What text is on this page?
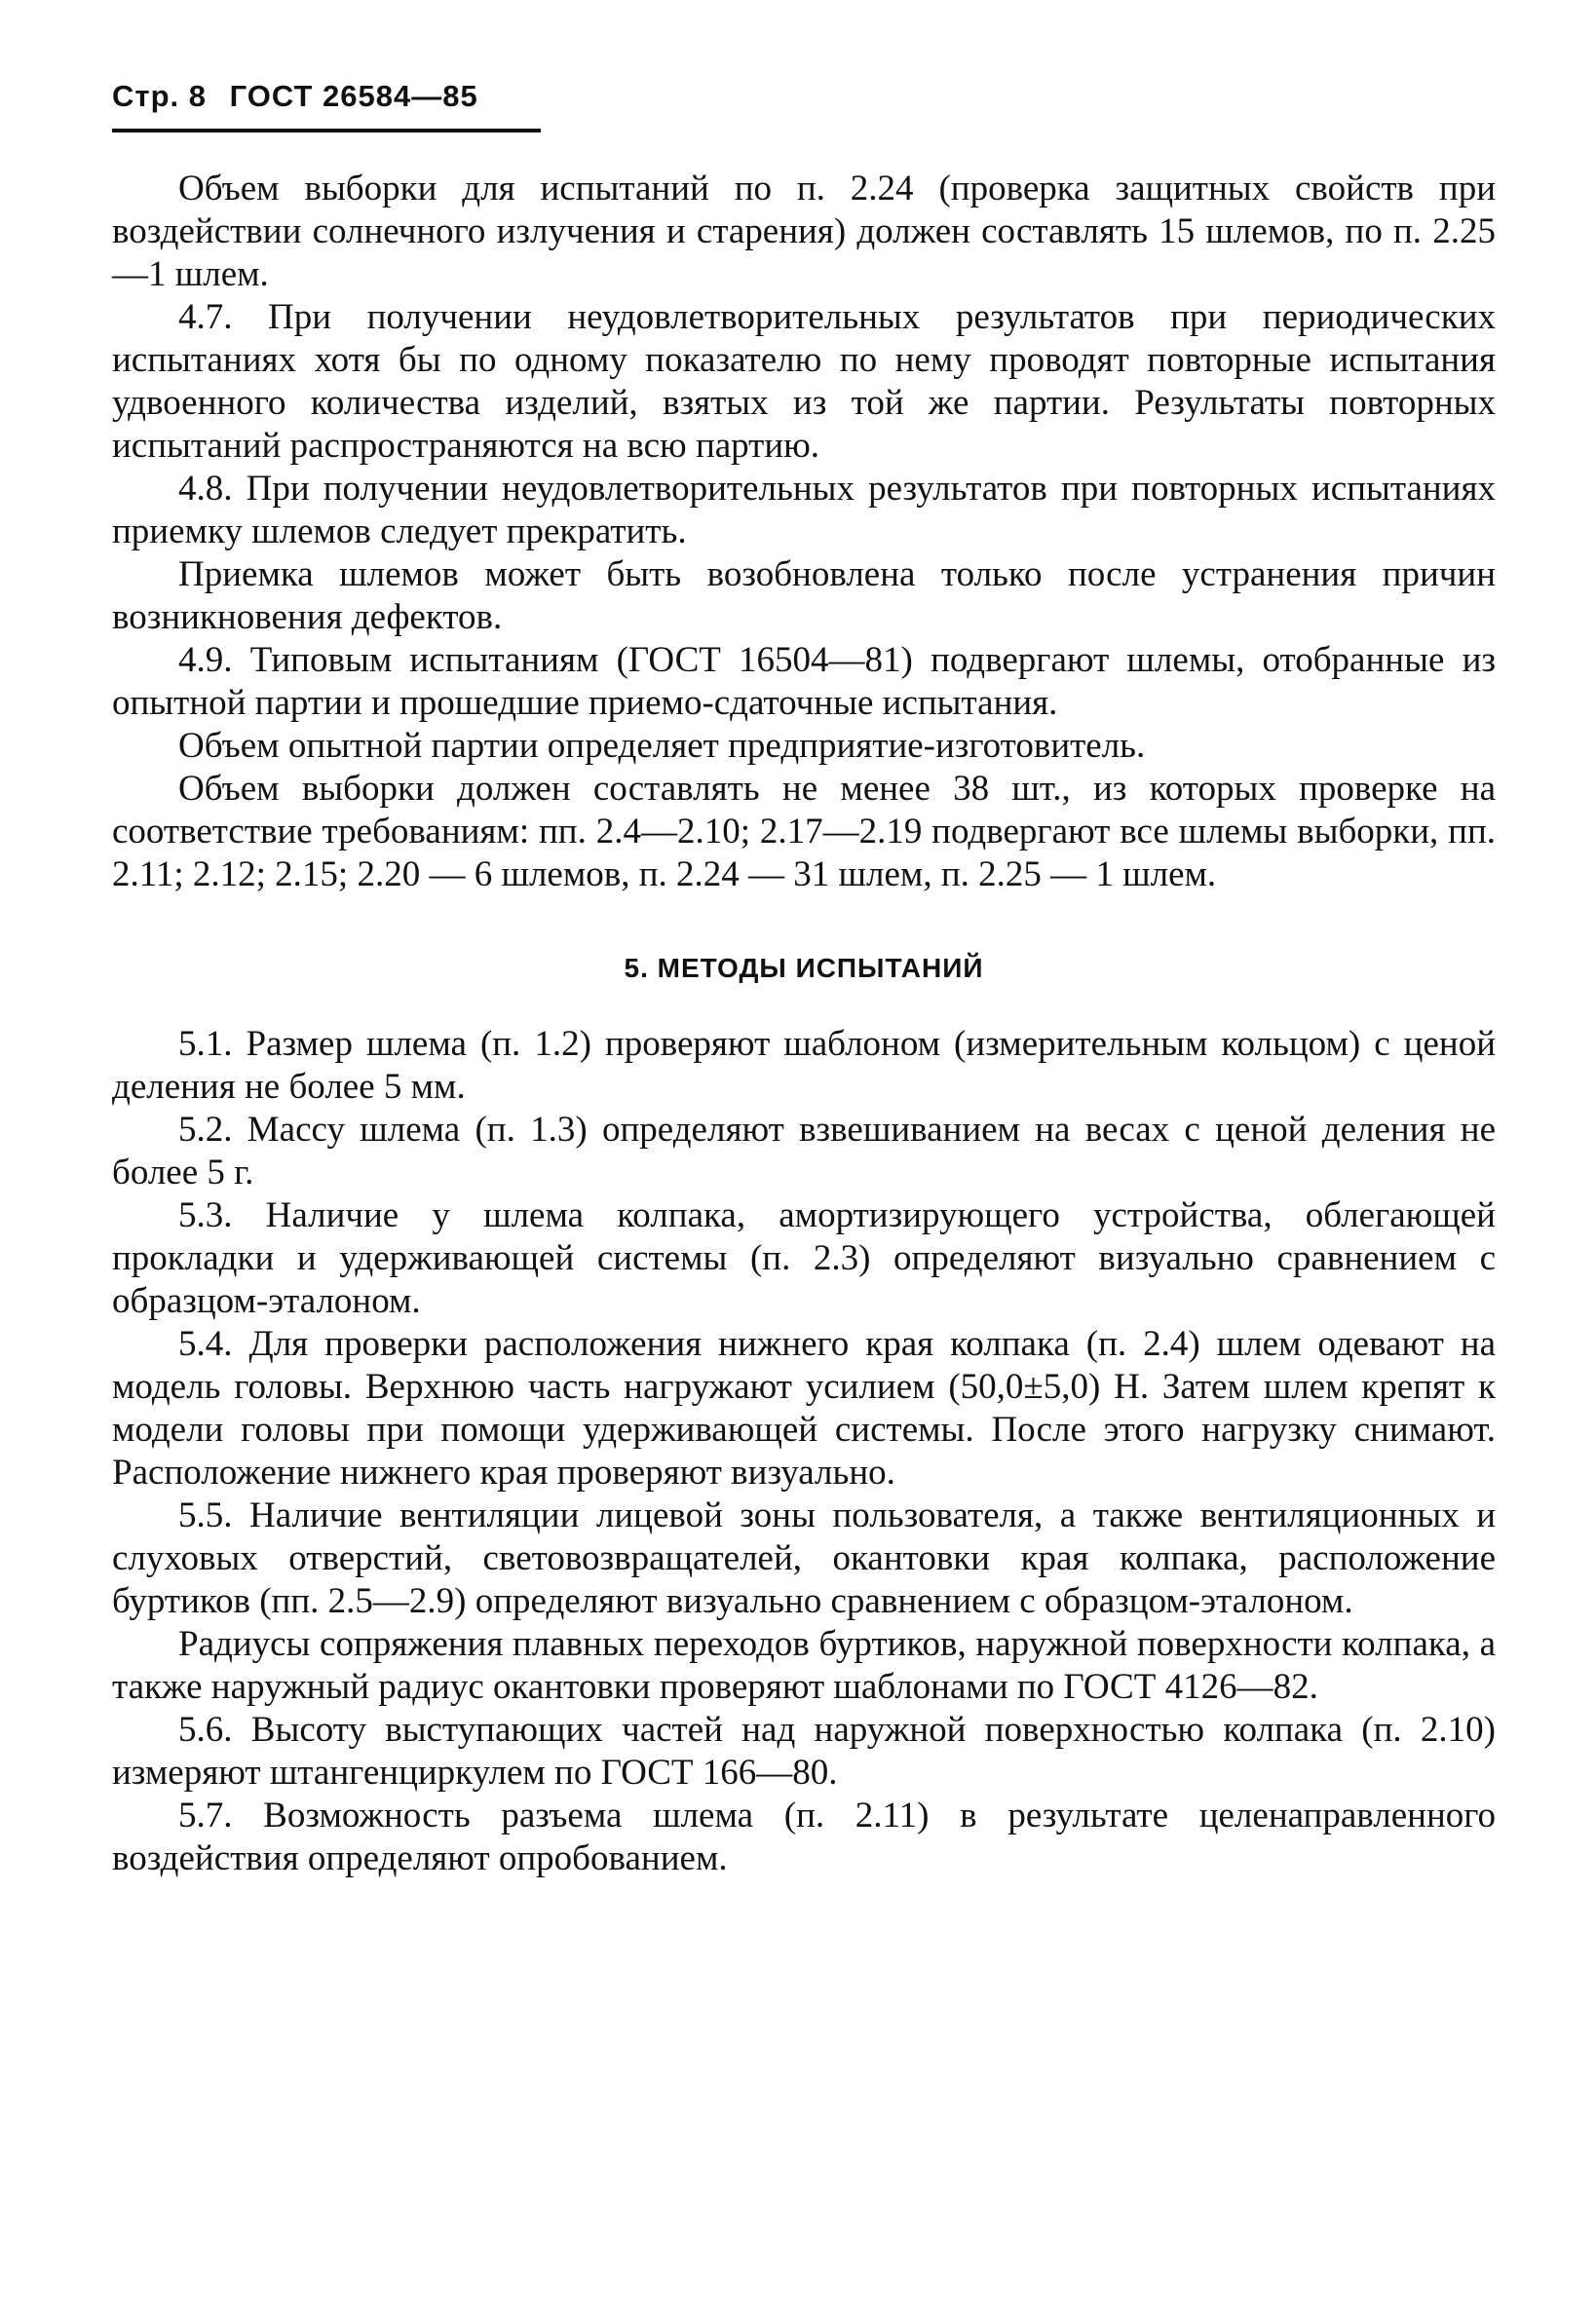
Стр. 8 ГОСТ 26584—85

Объем выборки для испытаний по п. 2.24 (проверка защитных свойств при воздействии солнечного излучения и старения) должен составлять 15 шлемов, по п. 2.25—1 шлем.

4.7. При получении неудовлетворительных результатов при периодических испытаниях хотя бы по одному показателю по нему проводят повторные испытания удвоенного количества изделий, взятых из той же партии. Результаты повторных испытаний распространяются на всю партию.

4.8. При получении неудовлетворительных результатов при повторных испытаниях приемку шлемов следует прекратить.

Приемка шлемов может быть возобновлена только после устранения причин возникновения дефектов.

4.9. Типовым испытаниям (ГОСТ 16504—81) подвергают шлемы, отобранные из опытной партии и прошедшие приемо-сдаточные испытания.

Объем опытной партии определяет предприятие-изготовитель.

Объем выборки должен составлять не менее 38 шт., из которых проверке на соответствие требованиям: пп. 2.4—2.10; 2.17—2.19 подвергают все шлемы выборки, пп. 2.11; 2.12; 2.15; 2.20 — 6 шлемов, п. 2.24 — 31 шлем, п. 2.25 — 1 шлем.

5. МЕТОДЫ ИСПЫТАНИЙ

5.1. Размер шлема (п. 1.2) проверяют шаблоном (измерительным кольцом) с ценой деления не более 5 мм.

5.2. Массу шлема (п. 1.3) определяют взвешиванием на весах с ценой деления не более 5 г.

5.3. Наличие у шлема колпака, амортизирующего устройства, облегающей прокладки и удерживающей системы (п. 2.3) определяют визуально сравнением с образцом-эталоном.

5.4. Для проверки расположения нижнего края колпака (п. 2.4) шлем одевают на модель головы. Верхнюю часть нагружают усилием (50,0±5,0) Н. Затем шлем крепят к модели головы при помощи удерживающей системы. После этого нагрузку снимают. Расположение нижнего края проверяют визуально.

5.5. Наличие вентиляции лицевой зоны пользователя, а также вентиляционных и слуховых отверстий, световозвращателей, окантовки края колпака, расположение буртиков (пп. 2.5—2.9) определяют визуально сравнением с образцом-эталоном.

Радиусы сопряжения плавных переходов буртиков, наружной поверхности колпака, а также наружный радиус окантовки проверяют шаблонами по ГОСТ 4126—82.

5.6. Высоту выступающих частей над наружной поверхностью колпака (п. 2.10) измеряют штангенциркулем по ГОСТ 166—80.

5.7. Возможность разъема шлема (п. 2.11) в результате целенаправленного воздействия определяют опробованием.
